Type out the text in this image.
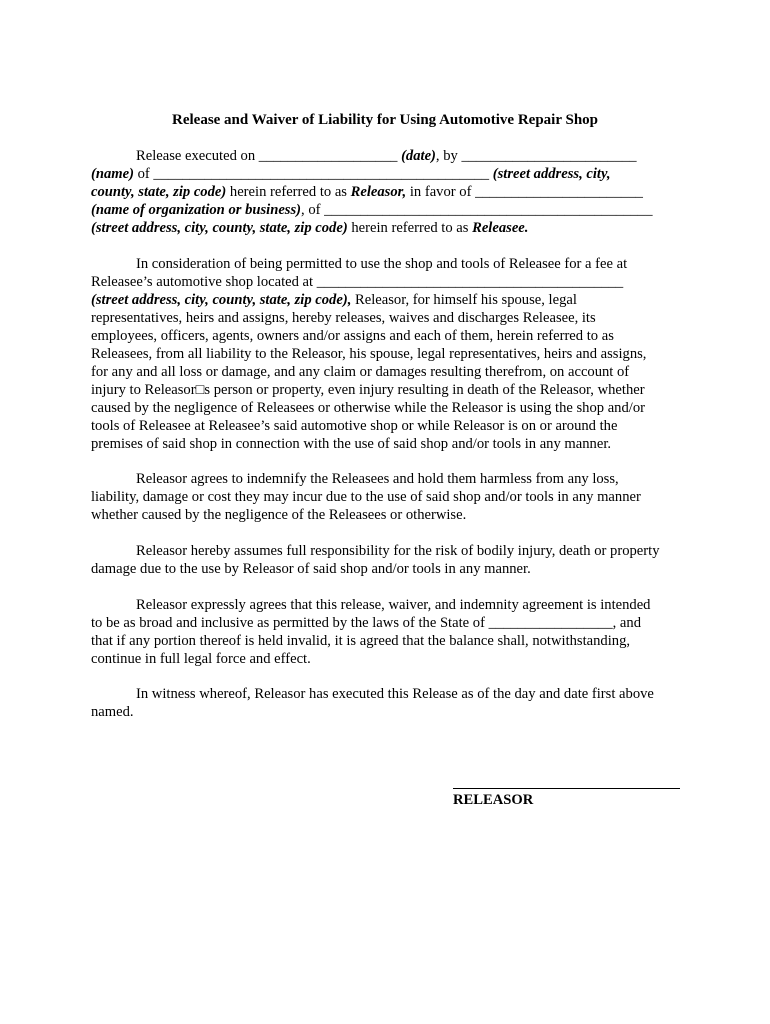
Release and Waiver of Liability for Using Automotive Repair Shop
Release executed on ___________________ (date), by ________________________
(name) of ______________________________________________ (street address, city,
county, state, zip code) herein referred to as Releasor, in favor of _______________________
(name of organization or business), of _____________________________________________
(street address, city, county, state, zip code) herein referred to as Releasee.
In consideration of being permitted to use the shop and tools of Releasee for a fee at
Releasee’s automotive shop located at __________________________________________
(street address, city, county, state, zip code), Releasor, for himself his spouse, legal
representatives, heirs and assigns, hereby releases, waives and discharges Releasee, its
employees, officers, agents, owners and/or assigns and each of them, herein referred to as
Releasees, from all liability to the Releasor, his spouse, legal representatives, heirs and assigns,
for any and all loss or damage, and any claim or damages resulting therefrom, on account of
injury to Releasor□s person or property, even injury resulting in death of the Releasor, whether
caused by the negligence of Releasees or otherwise while the Releasor is using the shop and/or
tools of Releasee at Releasee’s said automotive shop or while Releasor is on or around the
premises of said shop in connection with the use of said shop and/or tools in any manner.
Releasor agrees to indemnify the Releasees and hold them harmless from any loss,
liability, damage or cost they may incur due to the use of said shop and/or tools in any manner
whether caused by the negligence of the Releasees or otherwise.
Releasor hereby assumes full responsibility for the risk of bodily injury, death or property
damage due to the use by Releasor of said shop and/or tools in any manner.
Releasor expressly agrees that this release, waiver, and indemnity agreement is intended
to be as broad and inclusive as permitted by the laws of the State of _________________, and
that if any portion thereof is held invalid, it is agreed that the balance shall, notwithstanding,
continue in full legal force and effect.
In witness whereof, Releasor has executed this Release as of the day and date first above
named.
RELEASOR
